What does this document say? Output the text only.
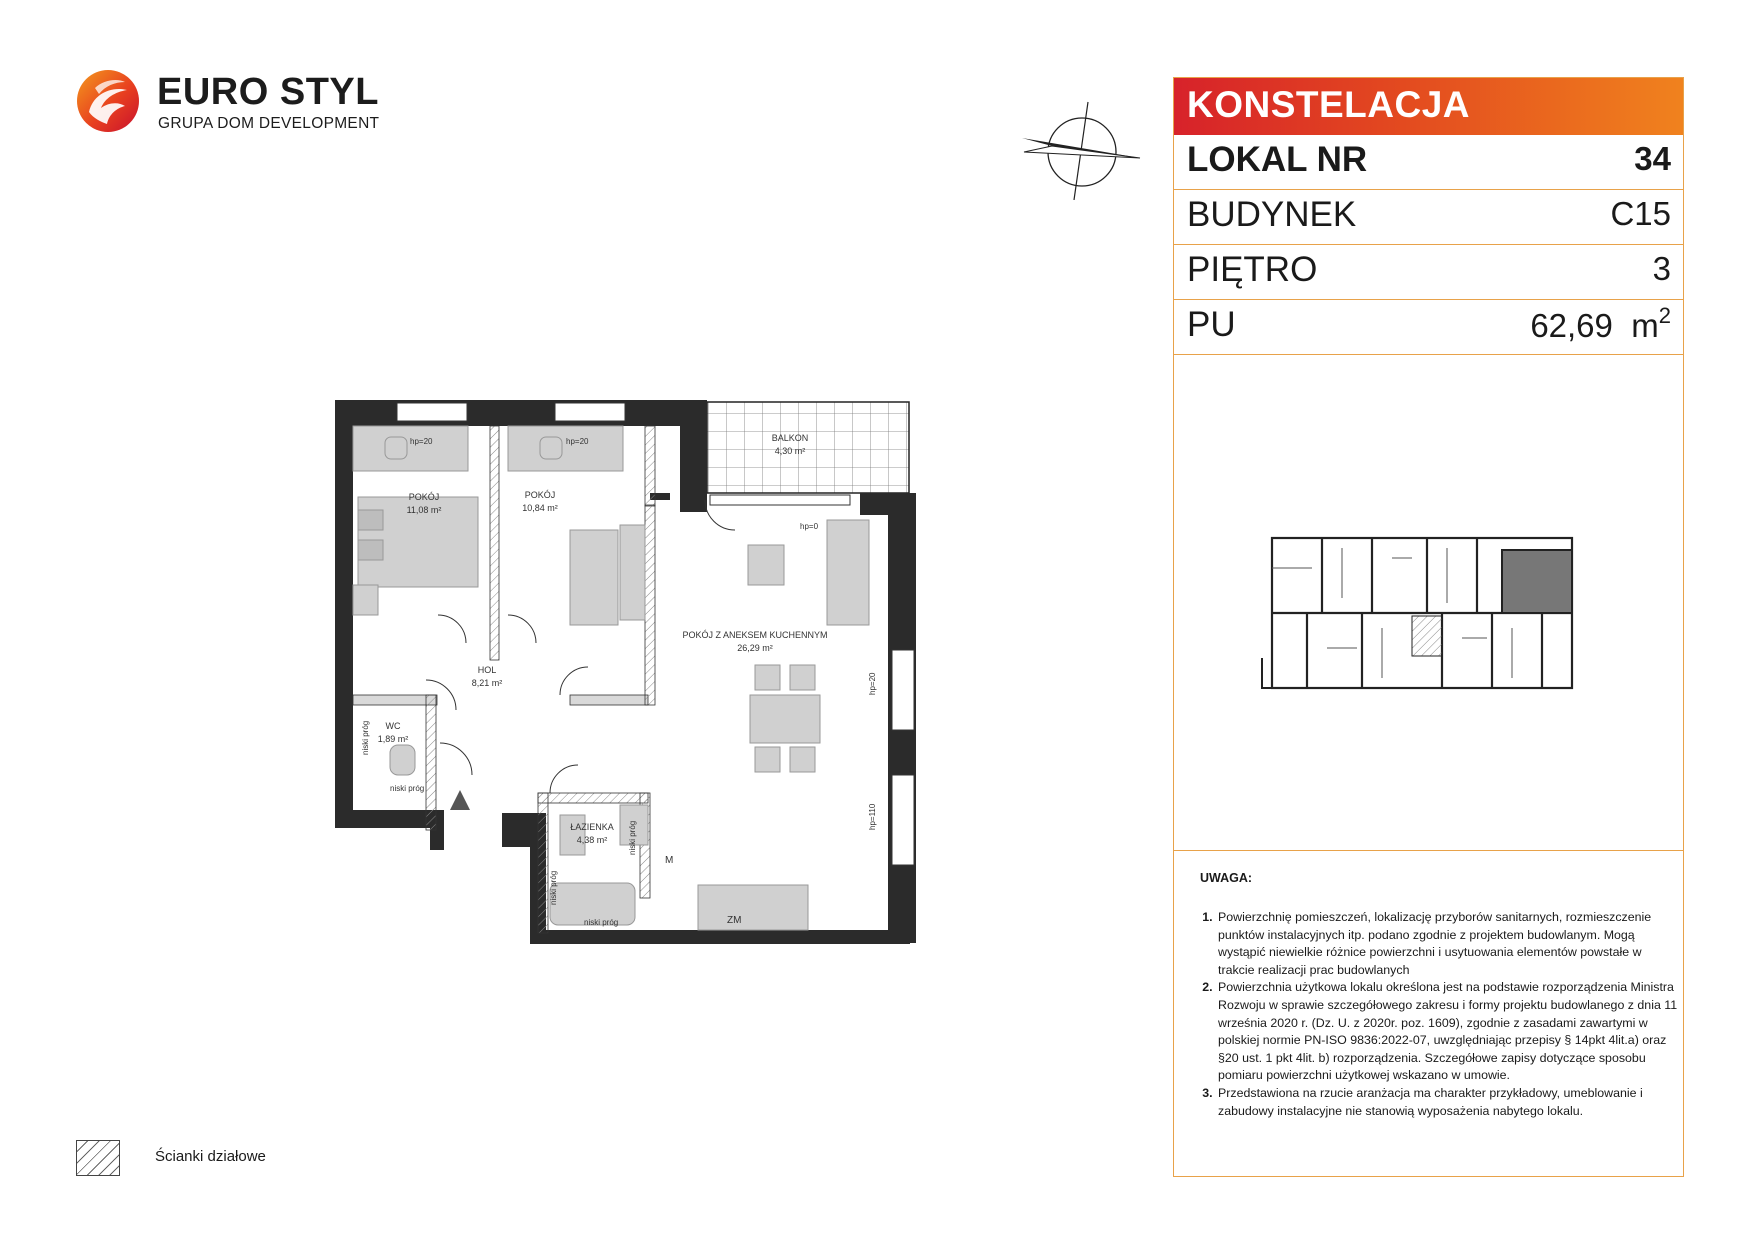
EURO STYL
GRUPA DOM DEVELOPMENT
POKÓJ
11,08 m²
POKÓJ
10,84 m²
BALKON
4,30 m²
POKÓJ Z ANEKSEM KUCHENNYM
26,29 m²
HOL
8,21 m²
WC
1,89 m²
ŁAZIENKA
4,38 m²
hp=20	hp=20
hp=0
niski próg
niski próg	ZM
M
hp=20
hp=110
niski próg
niski próg
niski próg
KONSTELACJA
LOKAL NR	34
BUDYNEK	C15
PIĘTRO	3
PU	62,69 $m^2$
UWAGA:
1. Powierzchnię pomieszczeń, lokalizację przyborów sanitarnych, rozmieszczenie punktów instalacyjnych itp. podano zgodnie z projektem budowlanym. Mogą wystąpić niewielkie różnice powierzchni i usytuowania elementów powstałe w trakcie realizacji prac budowlanych
2. Powierzchnia użytkowa lokalu określona jest na podstawie rozporządzenia Ministra Rozwoju w sprawie szczegółowego zakresu i formy projektu budowlanego z dnia 11 września 2020 r. (Dz. U. z 2020r. poz. 1609), zgodnie z zasadami zawartymi w polskiej normie PN-ISO 9836:2022-07, uwzględniając przepisy § 14pkt 4lit.a) oraz §20 ust. 1 pkt 4lit. b) rozporządzenia. Szczegółowe zapisy dotyczące sposobu pomiaru powierzchni użytkowej wskazano w umowie.
3. Przedstawiona na rzucie aranżacja ma charakter przykładowy, umeblowanie i zabudowy instalacyjne nie stanowią wyposażenia nabytego lokalu.
Ścianki działowe
